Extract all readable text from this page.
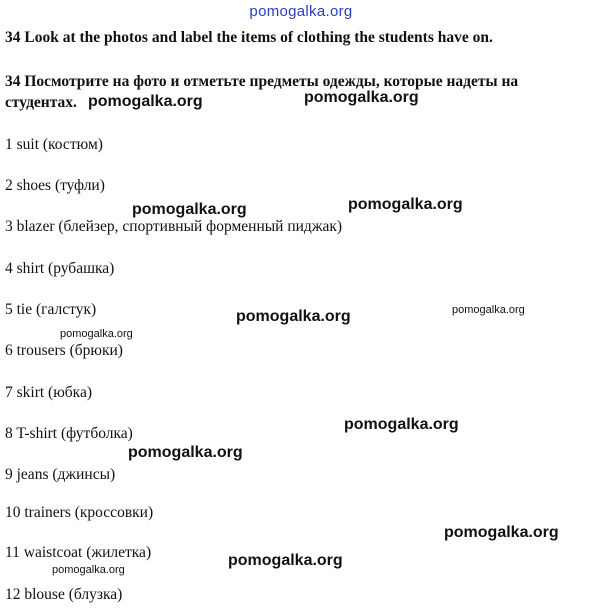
pomogalka.org
34 Look at the photos and label the items of clothing the students have on.
34 Посмотрите на фото и отметьте предметы одежды, которые надеты на
студентах.
1 suit (костюм)
2 shoes (туфли)
3 blazer (блейзер, спортивный форменный пиджак)
4 shirt (рубашка)
5 tie (галстук)
6 trousers (брюки)
7 skirt (юбка)
8 T-shirt (футболка)
9 jeans (джинсы)
10 trainers (кроссовки)
11 waistcoat (жилетка)
12 blouse (блузка)
pomogalka.org	pomogalka.org
pomogalka.org	pomogalka.org
pomogalka.org	pomogalka.org
pomogalka.org
pomogalka.org
pomogalka.org
pomogalka.org
pomogalka.org
pomogalka.org
